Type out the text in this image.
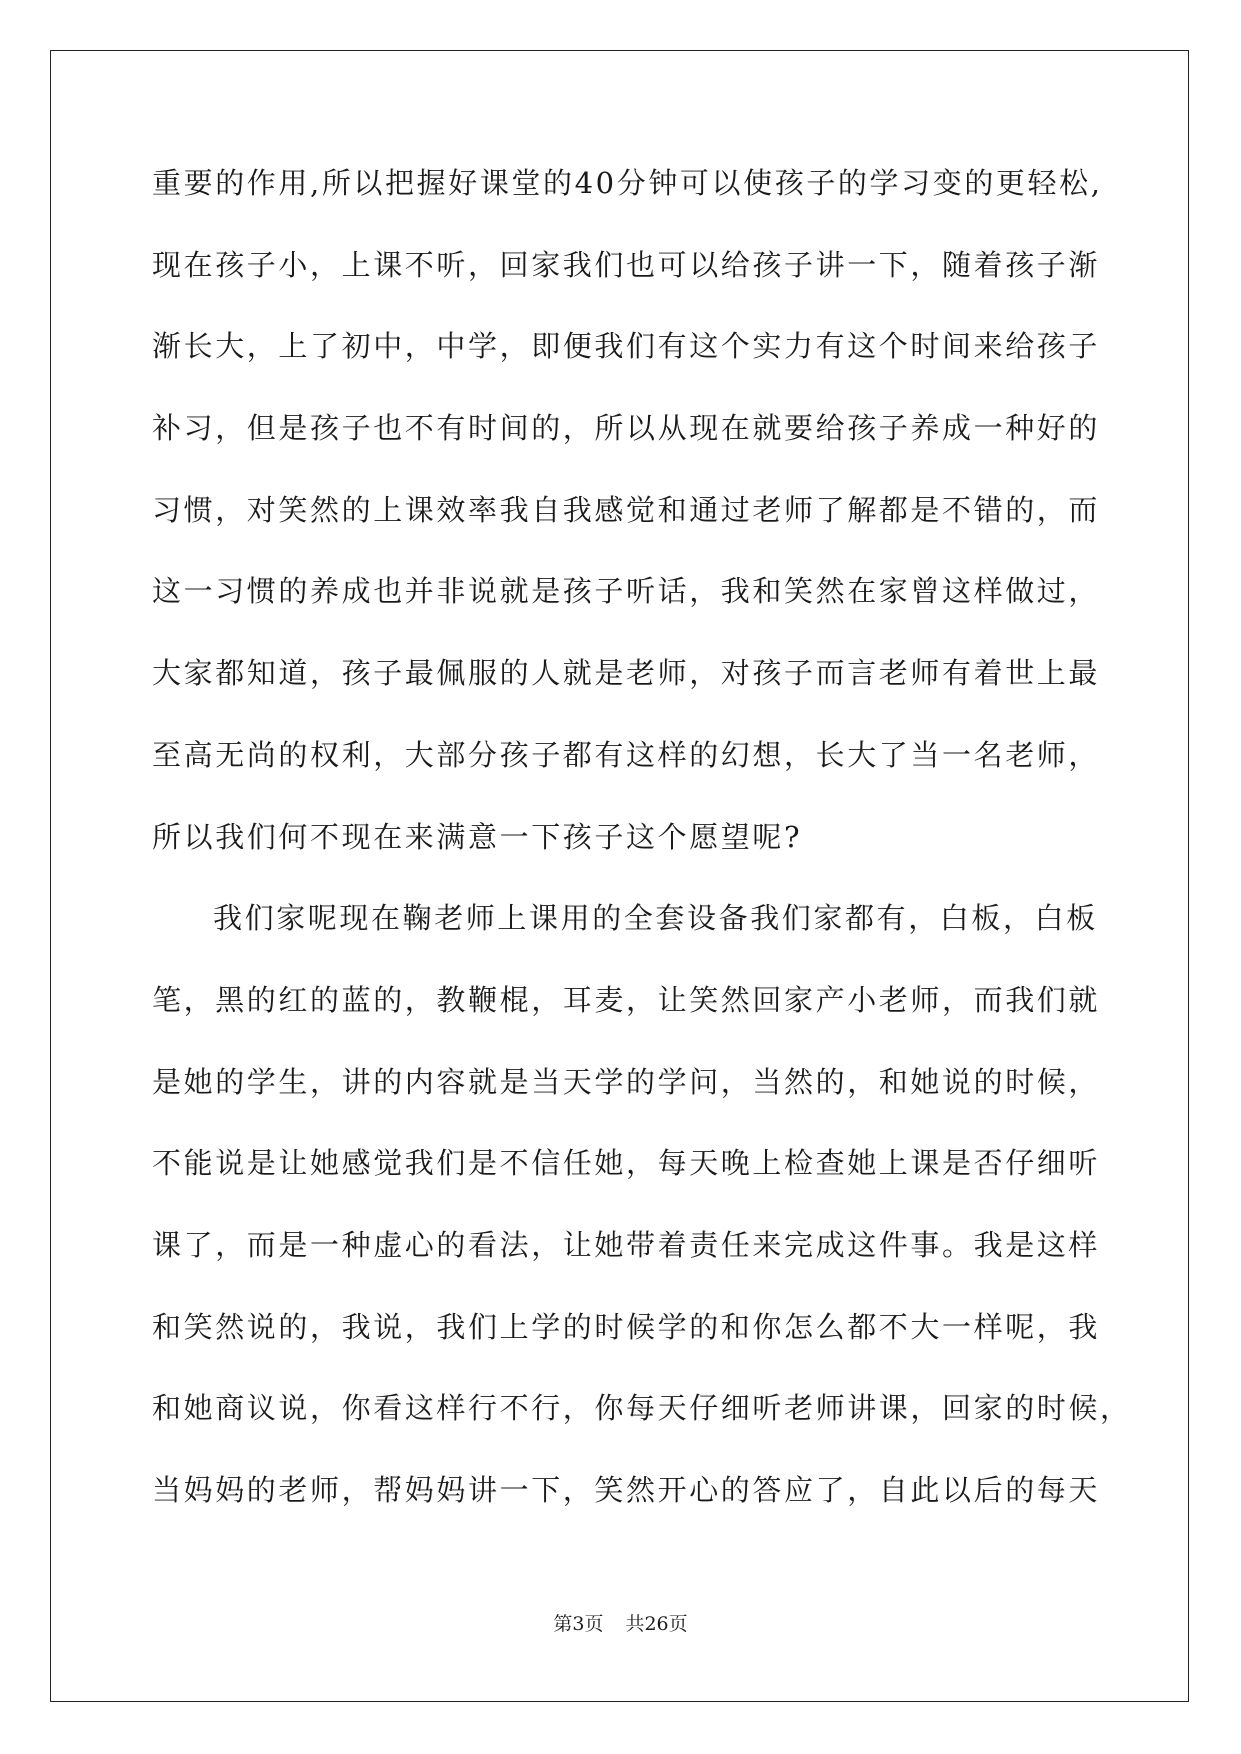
重要的作用,所以把握好课堂的40分钟可以使孩子的学习变的更轻松,
现在孩子小，上课不听，回家我们也可以给孩子讲一下，随着孩子渐
渐长大，上了初中，中学，即便我们有这个实力有这个时间来给孩子
补习，但是孩子也不有时间的，所以从现在就要给孩子养成一种好的
习惯，对笑然的上课效率我自我感觉和通过老师了解都是不错的，而
这一习惯的养成也并非说就是孩子听话，我和笑然在家曾这样做过，
大家都知道，孩子最佩服的人就是老师，对孩子而言老师有着世上最
至高无尚的权利，大部分孩子都有这样的幻想，长大了当一名老师，
所以我们何不现在来满意一下孩子这个愿望呢?
我们家呢现在鞠老师上课用的全套设备我们家都有，白板，白板
笔，黑的红的蓝的，教鞭棍，耳麦，让笑然回家产小老师，而我们就
是她的学生，讲的内容就是当天学的学问，当然的，和她说的时候，
不能说是让她感觉我们是不信任她，每天晚上检查她上课是否仔细听
课了，而是一种虚心的看法，让她带着责任来完成这件事。我是这样
和笑然说的，我说，我们上学的时候学的和你怎么都不大一样呢，我
和她商议说，你看这样行不行，你每天仔细听老师讲课，回家的时候，
当妈妈的老师，帮妈妈讲一下，笑然开心的答应了，自此以后的每天
第3页 共26页
